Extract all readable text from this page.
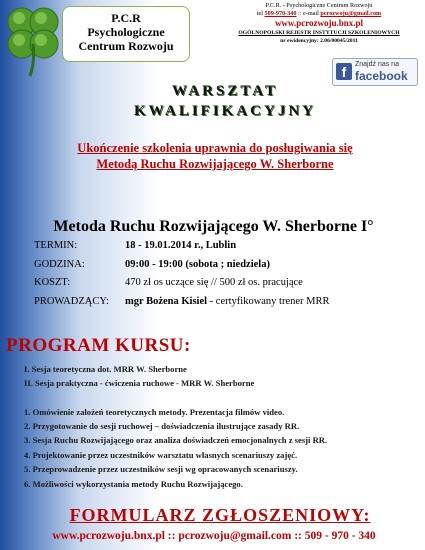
P.C.R
Psychologiczne
Centrum Rozwoju
P.C.R. - Psychologiczne Centrum Rozwoju
tel 509-970-340 :: e-mail pcrozwoju@gmail.com
www.pcrozwoju.bnx.pl
OGÓLNOPOLSKI REJESTR INSTYTUCJI SZKOLENIOWYCH
nr ewidencyjny: 2.06/00045/2011
f	Znajdź nas na
facebook
WARSZTAT
KWALIFIKACYJNY
Ukończenie szkolenia uprawnia do posługiwania się
Metodą Ruchu Rozwijającego W. Sherborne
Metoda Ruchu Rozwijającego W. Sherborne I°
TERMIN:	18 - 19.01.2014 r., Lublin
GODZINA:	09:00 - 19:00 (sobota ; niedziela)
KOSZT:	470 zł os uczące się // 500 zł os. pracujące
PROWADZĄCY: mgr Bożena Kisiel - certyfikowany trener MRR
PROGRAM KURSU:
I. Sesja teoretyczna dot. MRR W. Sherborne
II. Sesja praktyczna - ćwiczenia ruchowe - MRR W. Sherborne
1. Omówienie założeń teoretycznych metody. Prezentacja filmów video.
2. Przygotowanie do sesji ruchowej – doświadczenia ilustrujące zasady RR.
3. Sesja Ruchu Rozwijającego oraz analiza doświadczeń emocjonalnych z sesji RR.
4. Projektowanie przez uczestników warsztatu własnych scenariuszy zajęć.
5. Przeprowadzenie przez uczestników sesji wg opracowanych scenariuszy.
6. Możliwości wykorzystania metody Ruchu Rozwijającego.
FORMULARZ ZGŁOSZENIOWY:
www.pcrozwoju.bnx.pl :: pcrozwoju@gmail.com :: 509 - 970 - 340
